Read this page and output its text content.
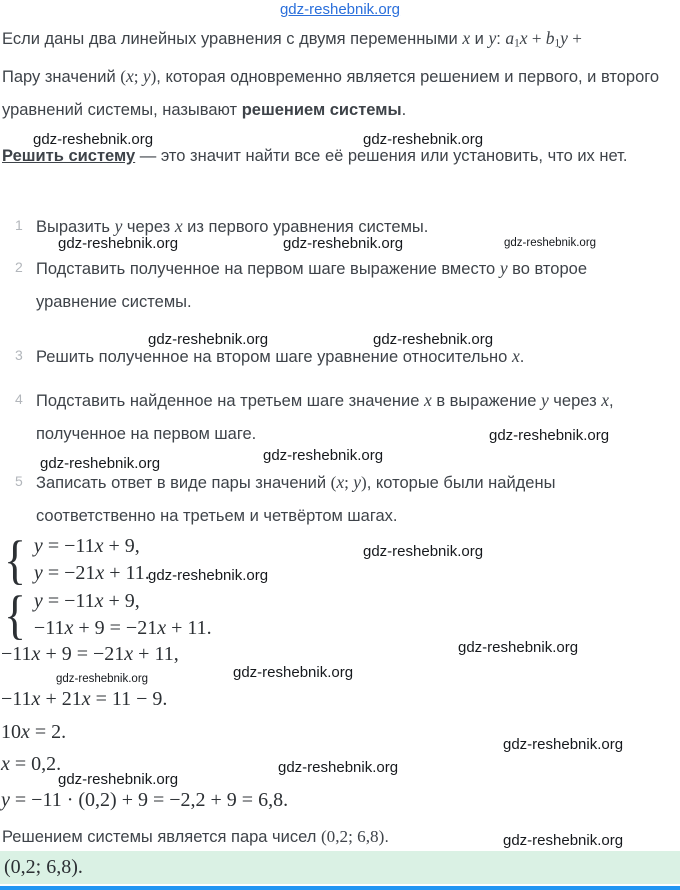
gdz-reshebnik.org
Если даны два линейных уравнения с двумя переменными x и y: $a_1x + b_1y$ +
Пару значений (x; y), которая одновременно является решением и первого, и второго уравнений системы, называют решением системы.
Решить систему — это значит найти все её решения или установить, что их нет.
1 Выразить y через x из первого уравнения системы.
2 Подставить полученное на первом шаге выражение вместо y во второе уравнение системы.
3 Решить полученное на втором шаге уравнение относительно x.
4 Подставить найденное на третьем шаге значение x в выражение y через x, полученное на первом шаге.
5 Записать ответ в виде пары значений (x; y), которые были найдены соответственно на третьем и четвёртом шагах.
{ y = −11x + 9,
y = −21x + 11.
{ y = −11x + 9,
−11x + 9 = −21x + 11.
−11x + 9 = −21x + 11,
−11x + 21x = 11 − 9.
10x = 2.
x = 0,2.
y = −11 · (0,2) + 9 = −2,2 + 9 = 6,8.
Решением системы является пара чисел (0,2; 6,8).
(0,2; 6,8).
gdz-reshebnik.org	gdz-reshebnik.org
gdz-reshebnik.org	gdz-reshebnik.org	gdz-reshebnik.org
gdz-reshebnik.org	gdz-reshebnik.org
gdz-reshebnik.org
gdz-reshebnik.org
gdz-reshebnik.org
gdz-reshebnik.org
gdz-reshebnik.org
gdz-reshebnik.org
gdz-reshebnik.org
gdz-reshebnik.org
gdz-reshebnik.org
gdz-reshebnik.org
gdz-reshebnik.org
gdz-reshebnik.org
